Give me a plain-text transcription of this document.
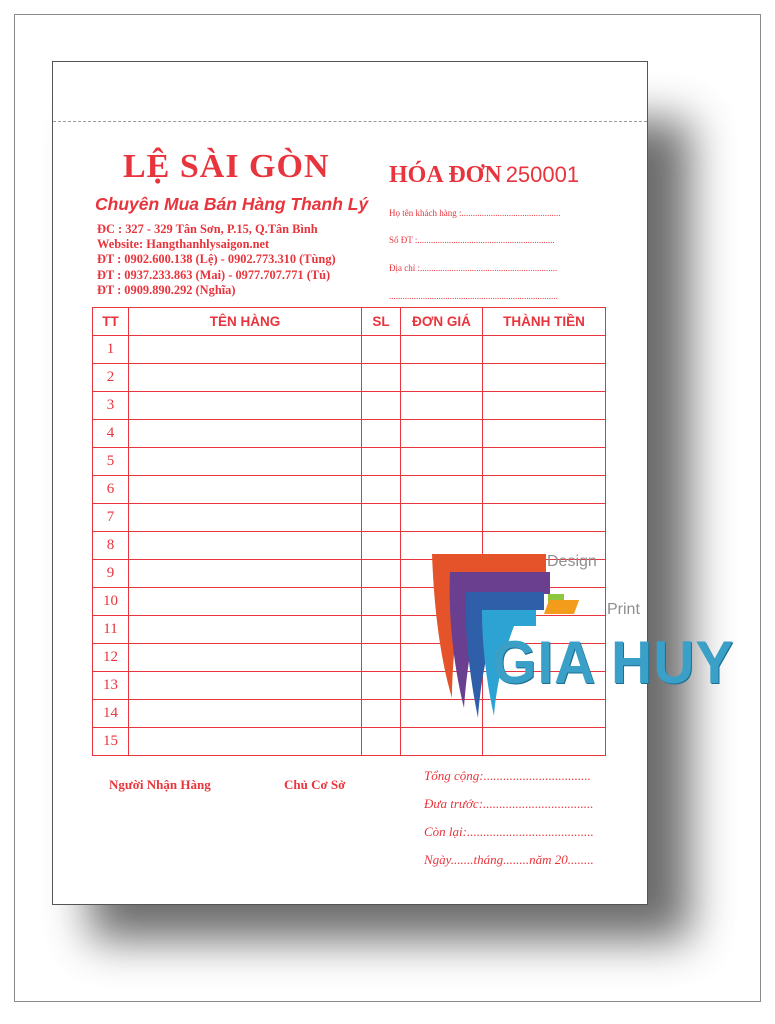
LỆ SÀI GÒN
Chuyên Mua Bán Hàng Thanh Lý
ĐC : 327 - 329 Tân Sơn, P.15, Q.Tân Bình
Website: Hangthanhlysaigon.net
ĐT : 0902.600.138 (Lệ) - 0902.773.310 (Tùng)
ĐT : 0937.233.863 (Mai) - 0977.707.771 (Tú)
ĐT : 0909.890.292 (Nghĩa)
HÓA ĐƠN 250001
Họ tên khách hàng :............................................
Số ĐT :.............................................................
Địa chỉ :.............................................................
...........................................................................
TT	TÊN HÀNG	SL	ĐƠN GIÁ	THÀNH TIỀN
1				
2				
3				
4				
5				
6				
7				
8				
9				
10				
11				
12				
13				
14				
15				
Người Nhận Hàng	Chủ Cơ Sở
Tổng cộng:.................................
Đưa trước:..................................
Còn lại:.......................................
Ngày.......tháng........năm 20........
Design
Print
GIA HUY
